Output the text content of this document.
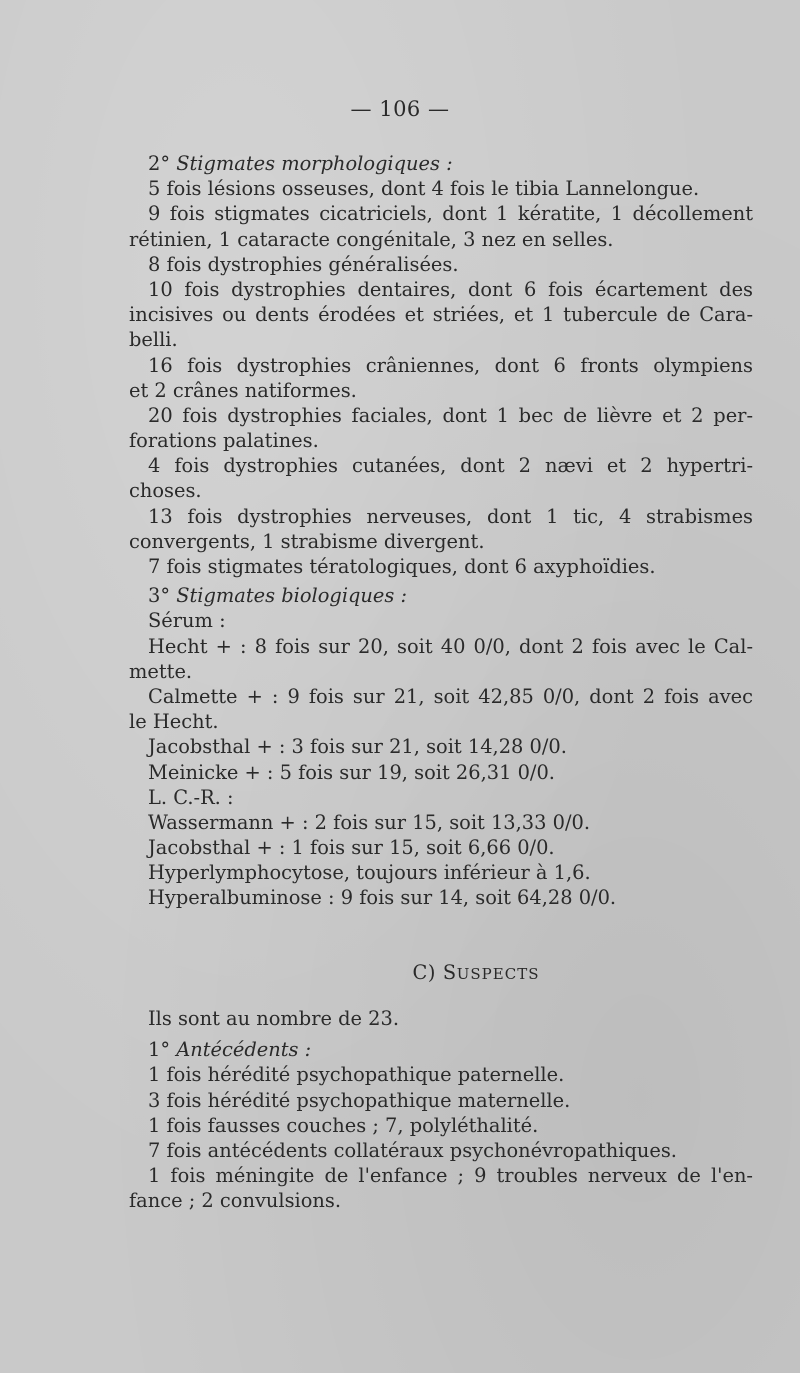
— 106 —
2° Stigmates morphologiques :
5 fois lésions osseuses, dont 4 fois le tibia Lannelongue.
9 fois stigmates cicatriciels, dont 1 kératite, 1 décollement
rétinien, 1 cataracte congénitale, 3 nez en selles.
8 fois dystrophies généralisées.
10 fois dystrophies dentaires, dont 6 fois écartement des
incisives ou dents érodées et striées, et 1 tubercule de Cara-
belli.
16 fois dystrophies crâniennes, dont 6 fronts olympiens
et 2 crânes natiformes.
20 fois dystrophies faciales, dont 1 bec de lièvre et 2 per-
forations palatines.
4 fois dystrophies cutanées, dont 2 nævi et 2 hypertri-
choses.
13 fois dystrophies nerveuses, dont 1 tic, 4 strabismes
convergents, 1 strabisme divergent.
7 fois stigmates tératologiques, dont 6 axyphoïdies.
3° Stigmates biologiques :
Sérum :
Hecht + : 8 fois sur 20, soit 40 0/0, dont 2 fois avec le Cal-
mette.
Calmette + : 9 fois sur 21, soit 42,85 0/0, dont 2 fois avec
le Hecht.
Jacobsthal + : 3 fois sur 21, soit 14,28 0/0.
Meinicke + : 5 fois sur 19, soit 26,31 0/0.
L. C.-R. :
Wassermann + : 2 fois sur 15, soit 13,33 0/0.
Jacobsthal + : 1 fois sur 15, soit 6,66 0/0.
Hyperlymphocytose, toujours inférieur à 1,6.
Hyperalbuminose : 9 fois sur 14, soit 64,28 0/0.
C) SUSPECTS
Ils sont au nombre de 23.
1° Antécédents :
1 fois hérédité psychopathique paternelle.
3 fois hérédité psychopathique maternelle.
1 fois fausses couches ; 7, polyléthalité.
7 fois antécédents collatéraux psychonévropathiques.
1 fois méningite de l'enfance ; 9 troubles nerveux de l'en-
fance ; 2 convulsions.
